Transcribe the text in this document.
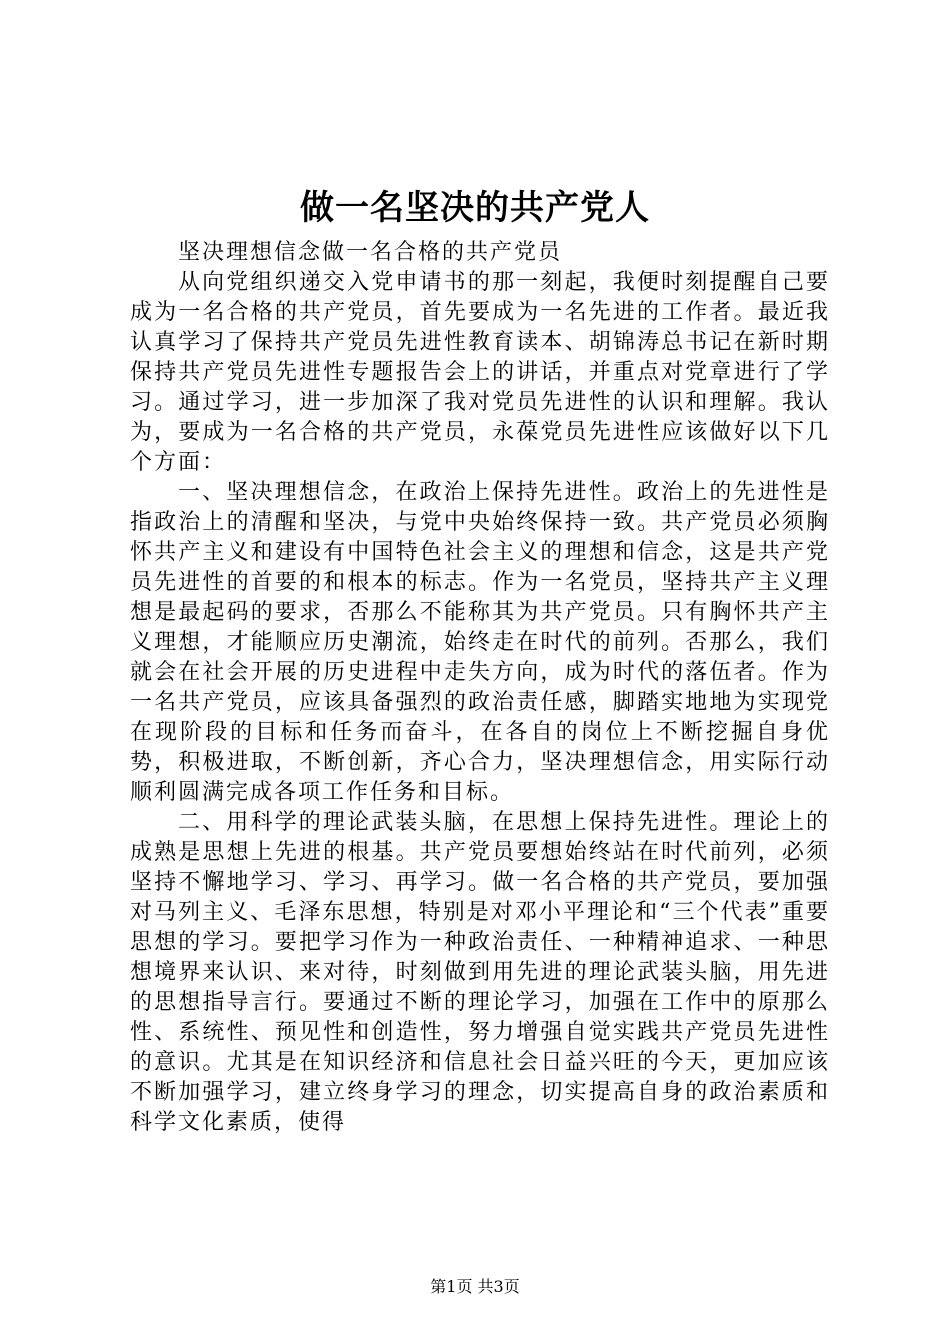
做一名坚决的共产党人

坚决理想信念做一名合格的共产党员

从向党组织递交入党申请书的那一刻起，我便时刻提醒自己要成为一名合格的共产党员，首先要成为一名先进的工作者。最近我认真学习了保持共产党员先进性教育读本、胡锦涛总书记在新时期保持共产党员先进性专题报告会上的讲话，并重点对党章进行了学习。通过学习，进一步加深了我对党员先进性的认识和理解。我认为，要成为一名合格的共产党员，永葆党员先进性应该做好以下几个方面：

一、坚决理想信念，在政治上保持先进性。政治上的先进性是指政治上的清醒和坚决，与党中央始终保持一致。共产党员必须胸怀共产主义和建设有中国特色社会主义的理想和信念，这是共产党员先进性的首要的和根本的标志。作为一名党员，坚持共产主义理想是最起码的要求，否那么不能称其为共产党员。只有胸怀共产主义理想，才能顺应历史潮流，始终走在时代的前列。否那么，我们就会在社会开展的历史进程中走失方向，成为时代的落伍者。作为一名共产党员，应该具备强烈的政治责任感，脚踏实地地为实现党在现阶段的目标和任务而奋斗，在各自的岗位上不断挖掘自身优势，积极进取，不断创新，齐心合力，坚决理想信念，用实际行动顺利圆满完成各项工作任务和目标。

二、用科学的理论武装头脑，在思想上保持先进性。理论上的成熟是思想上先进的根基。共产党员要想始终站在时代前列，必须坚持不懈地学习、学习、再学习。做一名合格的共产党员，要加强对马列主义、毛泽东思想，特别是对邓小平理论和“三个代表”重要思想的学习。要把学习作为一种政治责任、一种精神追求、一种思想境界来认识、来对待，时刻做到用先进的理论武装头脑，用先进的思想指导言行。要通过不断的理论学习，加强在工作中的原那么性、系统性、预见性和创造性，努力增强自觉实践共产党员先进性的意识。尤其是在知识经济和信息社会日益兴旺的今天，更加应该不断加强学习，建立终身学习的理念，切实提高自身的政治素质和科学文化素质，使得

第1页 共3页
